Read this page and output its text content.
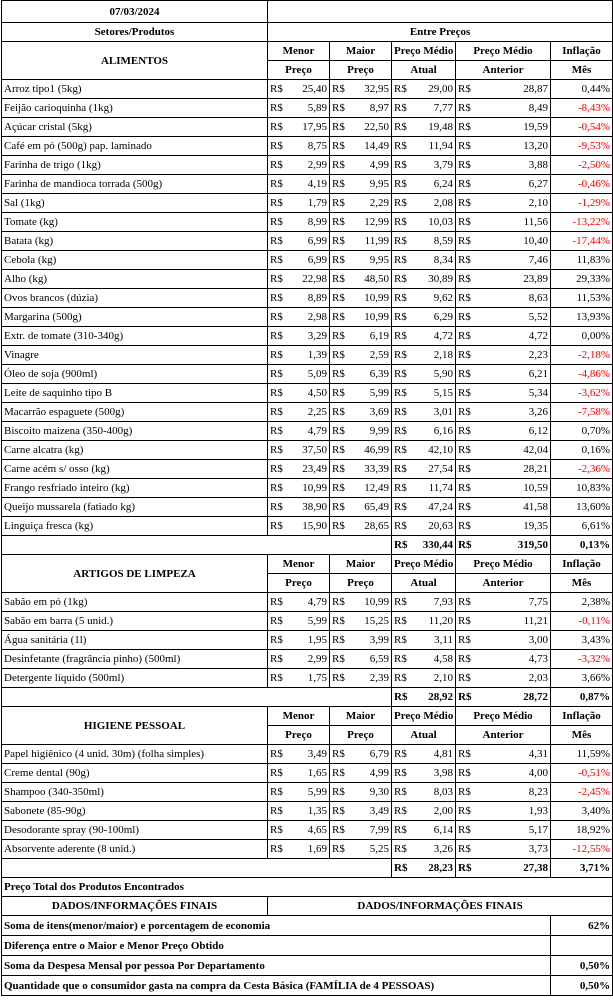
07/03/2024									
Setores/Produtos	Entre Preços								
ALIMENTOS	Menor		Maior		Preço Médio		Preço Médio		Inflação
	Preço		Preço		Atual		Anterior		Mês
Arroz tipo1 (5kg)	R$	25,40	R$	32,95	R$	29,00	R$	28,87	0,44%
Feijão carioquinha (1kg)	R$	5,89	R$	8,97	R$	7,77	R$	8,49	-8,43%
Açúcar cristal (5kg)	R$	17,95	R$	22,50	R$	19,48	R$	19,59	-0,54%
Café em pó (500g) pap. laminado	R$	8,75	R$	14,49	R$	11,94	R$	13,20	-9,53%
Farinha de trigo (1kg)	R$	2,99	R$	4,99	R$	3,79	R$	3,88	-2,50%
Farinha de mandioca torrada (500g)	R$	4,19	R$	9,95	R$	6,24	R$	6,27	-0,46%
Sal (1kg)	R$	1,79	R$	2,29	R$	2,08	R$	2,10	-1,29%
Tomate (kg)	R$	8,99	R$	12,99	R$	10,03	R$	11,56	-13,22%
Batata (kg)	R$	6,99	R$	11,99	R$	8,59	R$	10,40	-17,44%
Cebola (kg)	R$	6,99	R$	9,95	R$	8,34	R$	7,46	11,83%
Alho (kg)	R$	22,98	R$	48,50	R$	30,89	R$	23,89	29,33%
Ovos brancos (dúzia)	R$	8,89	R$	10,99	R$	9,62	R$	8,63	11,53%
Margarina (500g)	R$	2,98	R$	10,99	R$	6,29	R$	5,52	13,93%
Extr. de tomate (310-340g)	R$	3,29	R$	6,19	R$	4,72	R$	4,72	0,00%
Vinagre	R$	1,39	R$	2,59	R$	2,18	R$	2,23	-2,18%
Óleo de soja (900ml)	R$	5,09	R$	6,39	R$	5,90	R$	6,21	-4,86%
Leite de saquinho tipo B	R$	4,50	R$	5,99	R$	5,15	R$	5,34	-3,62%
Macarrão espaguete (500g)	R$	2,25	R$	3,69	R$	3,01	R$	3,26	-7,58%
Biscoito maizena (350-400g)	R$	4,79	R$	9,99	R$	6,16	R$	6,12	0,70%
Carne alcatra (kg)	R$	37,50	R$	46,99	R$	42,10	R$	42,04	0,16%
Carne acém s/ osso (kg)	R$	23,49	R$	33,39	R$	27,54	R$	28,21	-2,36%
Frango resfriado inteiro (kg)	R$	10,99	R$	12,49	R$	11,74	R$	10,59	10,83%
Queijo mussarela (fatiado kg)	R$	38,90	R$	65,49	R$	47,24	R$	41,58	13,60%
Linguiça fresca (kg)	R$	15,90	R$	28,65	R$	20,63	R$	19,35	6,61%
					R$	330,44	R$	319,50	0,13%
ARTIGOS DE LIMPEZA	Menor		Maior		Preço Médio		Preço Médio		Inflação
	Preço		Preço		Atual		Anterior		Mês
Sabão em pó (1kg)	R$	4,79	R$	10,99	R$	7,93	R$	7,75	2,38%
Sabão em barra (5 unid.)	R$	5,99	R$	15,25	R$	11,20	R$	11,21	-0,11%
Água sanitária (1l)	R$	1,95	R$	3,99	R$	3,11	R$	3,00	3,43%
Desinfetante (fragrância pinho) (500ml)	R$	2,99	R$	6,59	R$	4,58	R$	4,73	-3,32%
Detergente líquido (500ml)	R$	1,75	R$	2,39	R$	2,10	R$	2,03	3,66%
					R$	28,92	R$	28,72	0,87%
HIGIENE PESSOAL	Menor		Maior		Preço Médio		Preço Médio		Inflação
	Preço		Preço		Atual		Anterior		Mês
Papel higiênico (4 unid. 30m) (folha simples)	R$	3,49	R$	6,79	R$	4,81	R$	4,31	11,59%
Creme dental (90g)	R$	1,65	R$	4,99	R$	3,98	R$	4,00	-0,51%
Shampoo (340-350ml)	R$	5,99	R$	9,30	R$	8,03	R$	8,23	-2,45%
Sabonete (85-90g)	R$	1,35	R$	3,49	R$	2,00	R$	1,93	3,40%
Desodorante spray (90-100ml)	R$	4,65	R$	7,99	R$	6,14	R$	5,17	18,92%
Absorvente aderente (8 unid.)	R$	1,69	R$	5,25	R$	3,26	R$	3,73	-12,55%
					R$	28,23	R$	27,38	3,71%
Preço Total dos Produtos Encontrados									
DADOS/INFORMAÇÕES FINAIS	DADOS/INFORMAÇÕES FINAIS								
Soma de itens(menor/maior) e porcentagem de economia									62%
Diferença entre o Maior e Menor Preço Obtido									
Soma da Despesa Mensal por pessoa Por Departamento									0,50%
Quantidade que o consumidor gasta na compra da Cesta Básica (FAMÍLIA de 4 PESSOAS)									0,50%
